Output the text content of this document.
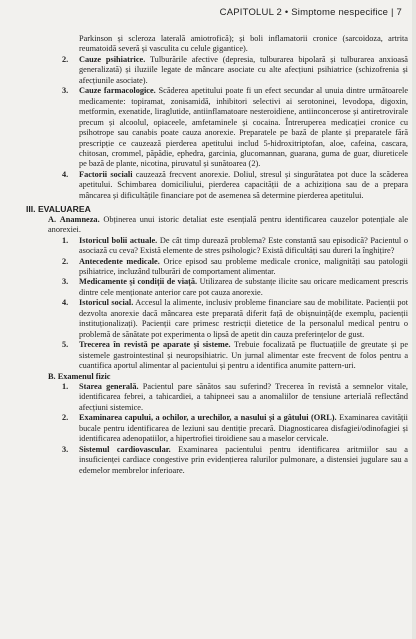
CAPITOLUL 2 • Simptome nespecifice | 7

Parkinson și scleroza laterală amiotrofică); și boli inflamatorii cronice (sarcoidoza, artrita reumatoidă severă și vasculita cu celule gigantice).

2. Cauze psihiatrice. Tulburările afective (depresia, tulburarea bipolară și tulburarea anxioasă generalizată) și iluziile legate de mâncare asociate cu alte afecțiuni psihiatrice (schizofrenia și afecțiunile asociate).

3. Cauze farmacologice. Scăderea apetitului poate fi un efect secundar al unuia dintre următoarele medicamente: topiramat, zonisamidă, inhibitori selectivi ai serotoninei, levodopa, digoxin, metformin, exenatide, liraglutide, antiinflamatoare nesteroidiene, antiinconcerose și antiretrovirale precum și alcoolul, opiaceele, amfetaminele și cocaina. Întreruperea medicației cronice cu psihotrope sau canabis poate cauza anorexie. Preparatele pe bază de plante și preparatele fără prescripție ce cauzează pierderea apetitului includ 5-hidroxitriptofan, aloe, cafeina, cascara, chitosan, crommel, păpădie, ephedra, garcinia, glucomannan, guarana, guma de guar, diureticele pe bază de plante, nicotina, piruvatul și sunătoarea (2).

4. Factorii sociali cauzează frecvent anorexie. Doliul, stresul și singurătatea pot duce la scăderea apetitului. Schimbarea domiciliului, pierderea capacității de a achiziționa sau de a prepara mâncarea și dificultățile financiare pot de asemenea să determine pierderea apetitului.

III. EVALUAREA

A. Anamneza. Obținerea unui istoric detaliat este esențială pentru identificarea cauzelor potențiale ale anorexiei.

1. Istoricul bolii actuale. De cât timp durează problema? Este constantă sau episodică? Pacientul o asociază cu ceva? Există elemente de stres psihologic? Există dificultăți sau dureri la înghițire?

2. Antecedente medicale. Orice episod sau probleme medicale cronice, malignități sau patologii psihiatrice, incluzând tulburări de comportament alimentar.

3. Medicamente și condiții de viață. Utilizarea de substanțe ilicite sau oricare medicament prescris dintre cele menționate anterior care pot cauza anorexie.

4. Istoricul social. Accesul la alimente, inclusiv probleme financiare sau de mobilitate. Pacienții pot dezvolta anorexie dacă mâncarea este preparată diferit față de obișnuință(de exemplu, pacienții instituționalizați). Pacienții care primesc restricții dietetice de la personalul medical pentru o problemă de sănătate pot experimenta o lipsă de apetit din cauza preferințelor de gust.

5. Trecerea în revistă pe aparate și sisteme. Trebuie focalizată pe fluctuațiile de greutate și pe sistemele gastrointestinal și neuropsihiatric. Un jurnal alimentar este frecvent de folos pentru a cuantifica aportul alimentar al pacientului și pentru a identifica anumite pattern-uri.

B. Examenul fizic

1. Starea generală. Pacientul pare sănătos sau suferind? Trecerea în revistă a semnelor vitale, identificarea febrei, a tahicardiei, a tahipneei sau a anomaliilor de tensiune arterială reflectând afecțiuni sistemice.

2. Examinarea capului, a ochilor, a urechilor, a nasului și a gâtului (ORL). Examinarea cavității bucale pentru identificarea de leziuni sau dentiție precară. Diagnosticarea disfagiei/odinofagiei și identificarea adenopatiilor, a hipertrofiei tiroidiene sau a maselor cervicale.

3. Sistemul cardiovascular. Examinarea pacientului pentru identificarea aritmiilor sau a insuficienței cardiace congestive prin evidențierea ralurilor pulmonare, a distensiei jugulare sau a edemelor membrelor inferioare.
